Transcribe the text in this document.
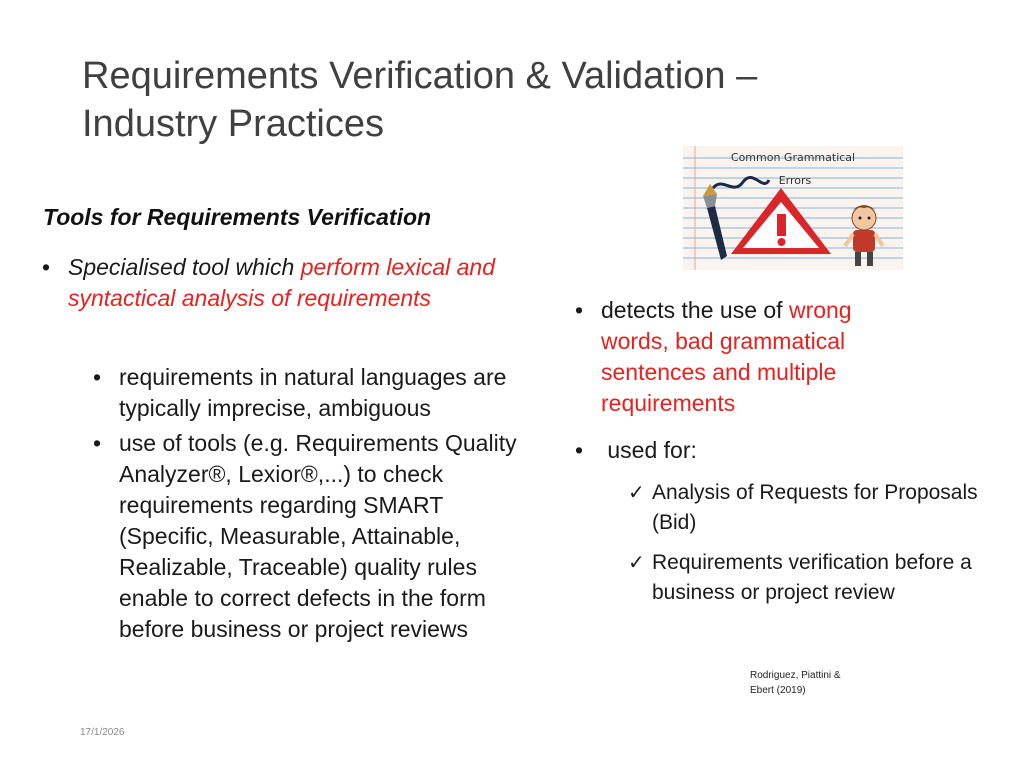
Requirements Verification & Validation – Industry Practices
Tools for Requirements Verification
• Specialised tool which perform lexical and syntactical analysis of requirements
• requirements in natural languages are typically imprecise, ambiguous
• use of tools (e.g. Requirements Quality Analyzer®, Lexior®,...) to check requirements regarding SMART (Specific, Measurable, Attainable, Realizable, Traceable) quality rules enable to correct defects in the form before business or project reviews
Common Grammatical
Errors
• detects the use of wrong words, bad grammatical sentences and multiple requirements
• used for:
✓ Analysis of Requests for Proposals (Bid)
✓ Requirements verification before a business or project review
Rodriguez, Piattini &
Ebert (2019)
17/1/2026
